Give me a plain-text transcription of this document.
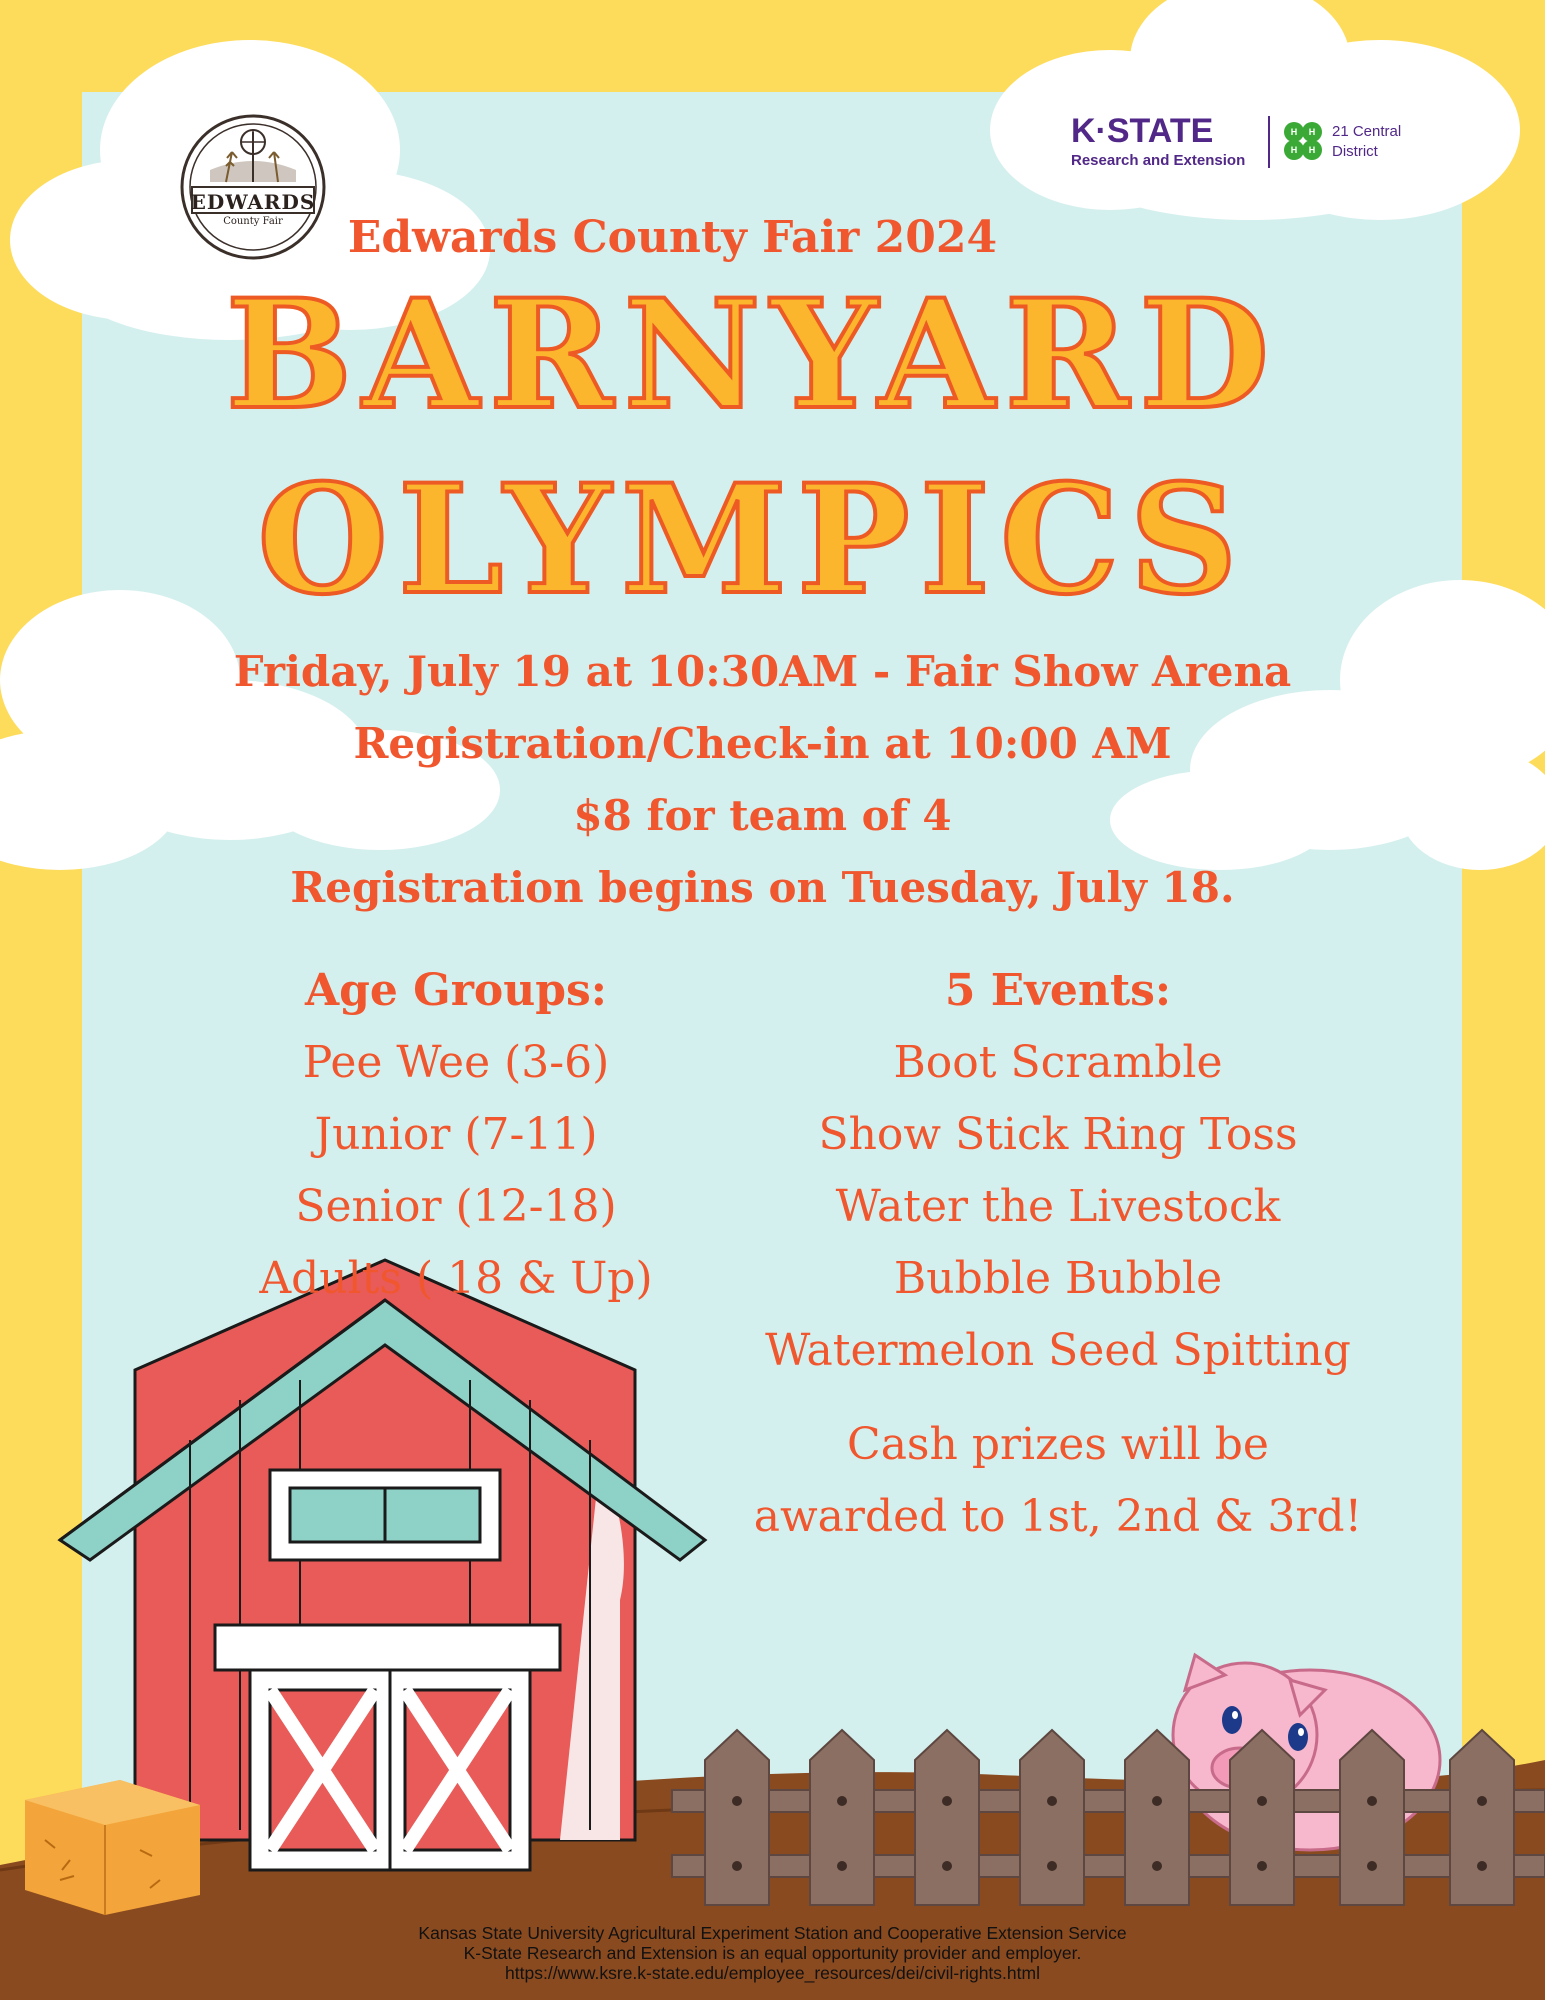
EDWARDS
County Fair
K·STATE
Research and Extension
H H
H H
21 Central
District
Edwards County Fair 2024
BARNYARD
OLYMPICS
Friday, July 19 at 10:30AM - Fair Show Arena
Registration/Check-in at 10:00 AM
$8 for team of 4
Registration begins on Tuesday, July 18.
Age Groups:
Pee Wee (3-6)
Junior (7-11)
Senior (12-18)
Adults ( 18 & Up)
5 Events:
Boot Scramble
Show Stick Ring Toss
Water the Livestock
Bubble Bubble
Watermelon Seed Spitting
Cash prizes will be
awarded to 1st, 2nd & 3rd!
Kansas State University Agricultural Experiment Station and Cooperative Extension Service
K-State Research and Extension is an equal opportunity provider and employer.
https://www.ksre.k-state.edu/employee_resources/dei/civil-rights.html
